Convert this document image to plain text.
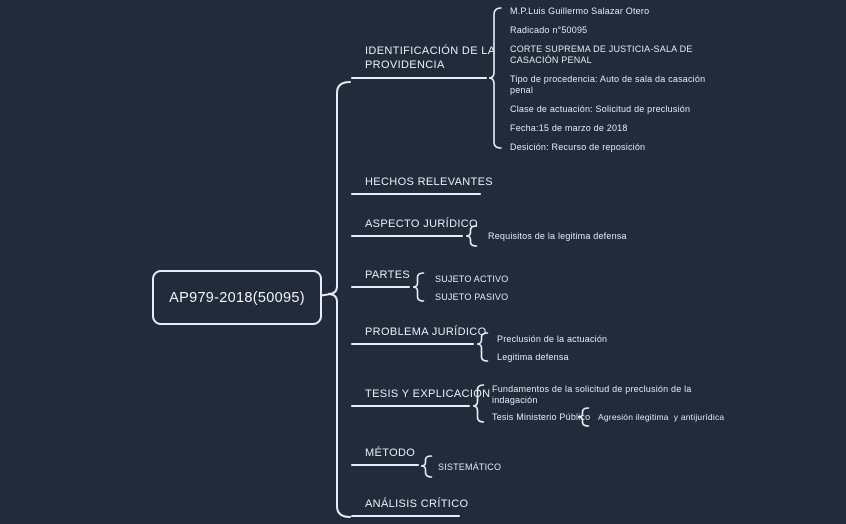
AP979-2018(50095)
IDENTIFICACIÓN DE LA PROVIDENCIA
HECHOS RELEVANTES
ASPECTO JURÍDICO
PARTES
PROBLEMA JURÍDICO
TESIS Y EXPLICACIÓN
MÉTODO
ANÁLISIS CRÍTICO
M.P.Luis Guillermo Salazar Otero
Radicado n°50095
CORTE SUPREMA DE JUSTICIA-SALA DE CASACIÓN PENAL
Tipo de procedencia: Auto de sala da casación penal
Clase de actuación: Solicitud de preclusión
Fecha:15 de marzo de 2018
Desición: Recurso de reposición
Requisitos de la legitima defensa
SUJETO ACTIVO
SUJETO PASIVO
Preclusión de la actuación
Legitima defensa
Fundamentos de la solicitud de preclusión de la indagación
Tesis Ministerio Público Agresión ilegitima  y antijurídica
SISTEMÁTICO
